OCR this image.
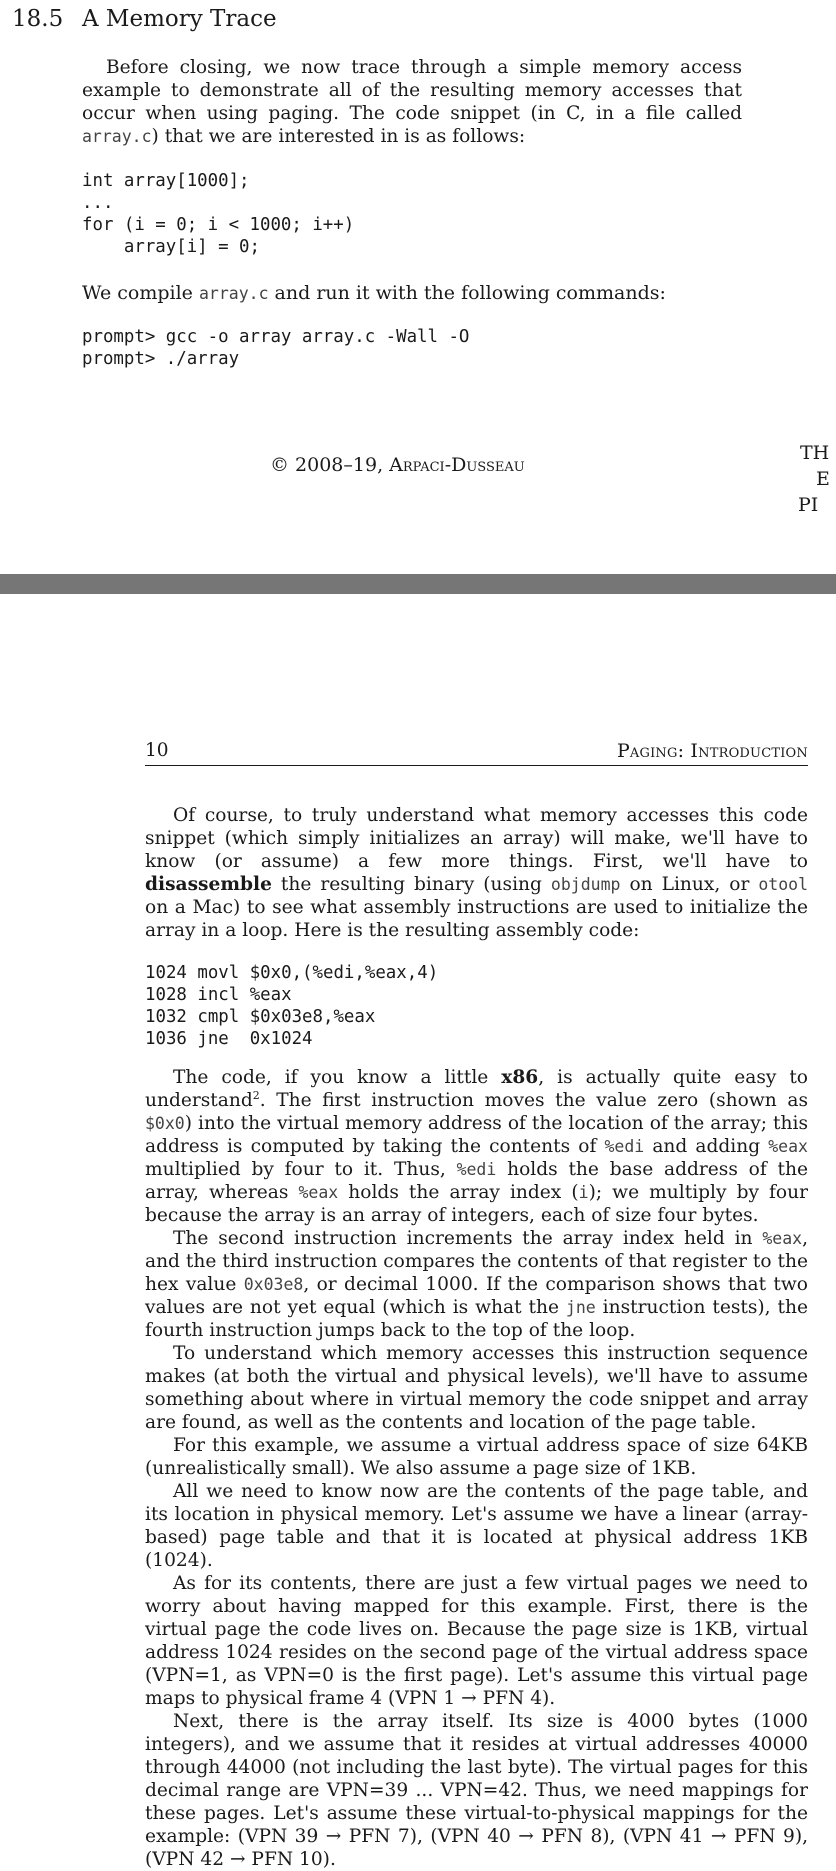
18.5 A Memory Trace
Before closing, we now trace through a simple memory access example to demonstrate all of the resulting memory accesses that occur when using paging. The code snippet (in C, in a file called array.c) that we are interested in is as follows:
int array[1000];
...
for (i = 0; i < 1000; i++)
array[i] = 0;
We compile array.c and run it with the following commands:
prompt> gcc -o array array.c -Wall -O
prompt> ./array
© 2008–19, Arpaci-Dusseau
TH
E
PI
10	Paging: Introduction
Of course, to truly understand what memory accesses this code snippet (which simply initializes an array) will make, we'll have to know (or assume) a few more things. First, we'll have to disassemble the resulting binary (using objdump on Linux, or otool on a Mac) to see what assembly instructions are used to initialize the array in a loop. Here is the resulting assembly code:
1024 movl $0x0,(%edi,%eax,4)
1028 incl %eax
1032 cmpl $0x03e8,%eax
1036 jne  0x1024
The code, if you know a little x86, is actually quite easy to understand$^2$. The first instruction moves the value zero (shown as $0x0) into the virtual memory address of the location of the array; this address is computed by taking the contents of %edi and adding %eax multiplied by four to it. Thus, %edi holds the base address of the array, whereas %eax holds the array index (i); we multiply by four because the array is an array of integers, each of size four bytes.
The second instruction increments the array index held in %eax, and the third instruction compares the contents of that register to the hex value 0x03e8, or decimal 1000. If the comparison shows that two values are not yet equal (which is what the jne instruction tests), the fourth instruction jumps back to the top of the loop.
To understand which memory accesses this instruction sequence makes (at both the virtual and physical levels), we'll have to assume something about where in virtual memory the code snippet and array are found, as well as the contents and location of the page table.
For this example, we assume a virtual address space of size 64KB (unrealistically small). We also assume a page size of 1KB.
All we need to know now are the contents of the page table, and its location in physical memory. Let's assume we have a linear (array-based) page table and that it is located at physical address 1KB (1024).
As for its contents, there are just a few virtual pages we need to worry about having mapped for this example. First, there is the virtual page the code lives on. Because the page size is 1KB, virtual address 1024 resides on the second page of the virtual address space (VPN=1, as VPN=0 is the first page). Let's assume this virtual page maps to physical frame 4 (VPN 1 → PFN 4).
Next, there is the array itself. Its size is 4000 bytes (1000 integers), and we assume that it resides at virtual addresses 40000 through 44000 (not including the last byte). The virtual pages for this decimal range are VPN=39 ... VPN=42. Thus, we need mappings for these pages. Let's assume these virtual-to-physical mappings for the example: (VPN 39 → PFN 7), (VPN 40 → PFN 8), (VPN 41 → PFN 9), (VPN 42 → PFN 10).
